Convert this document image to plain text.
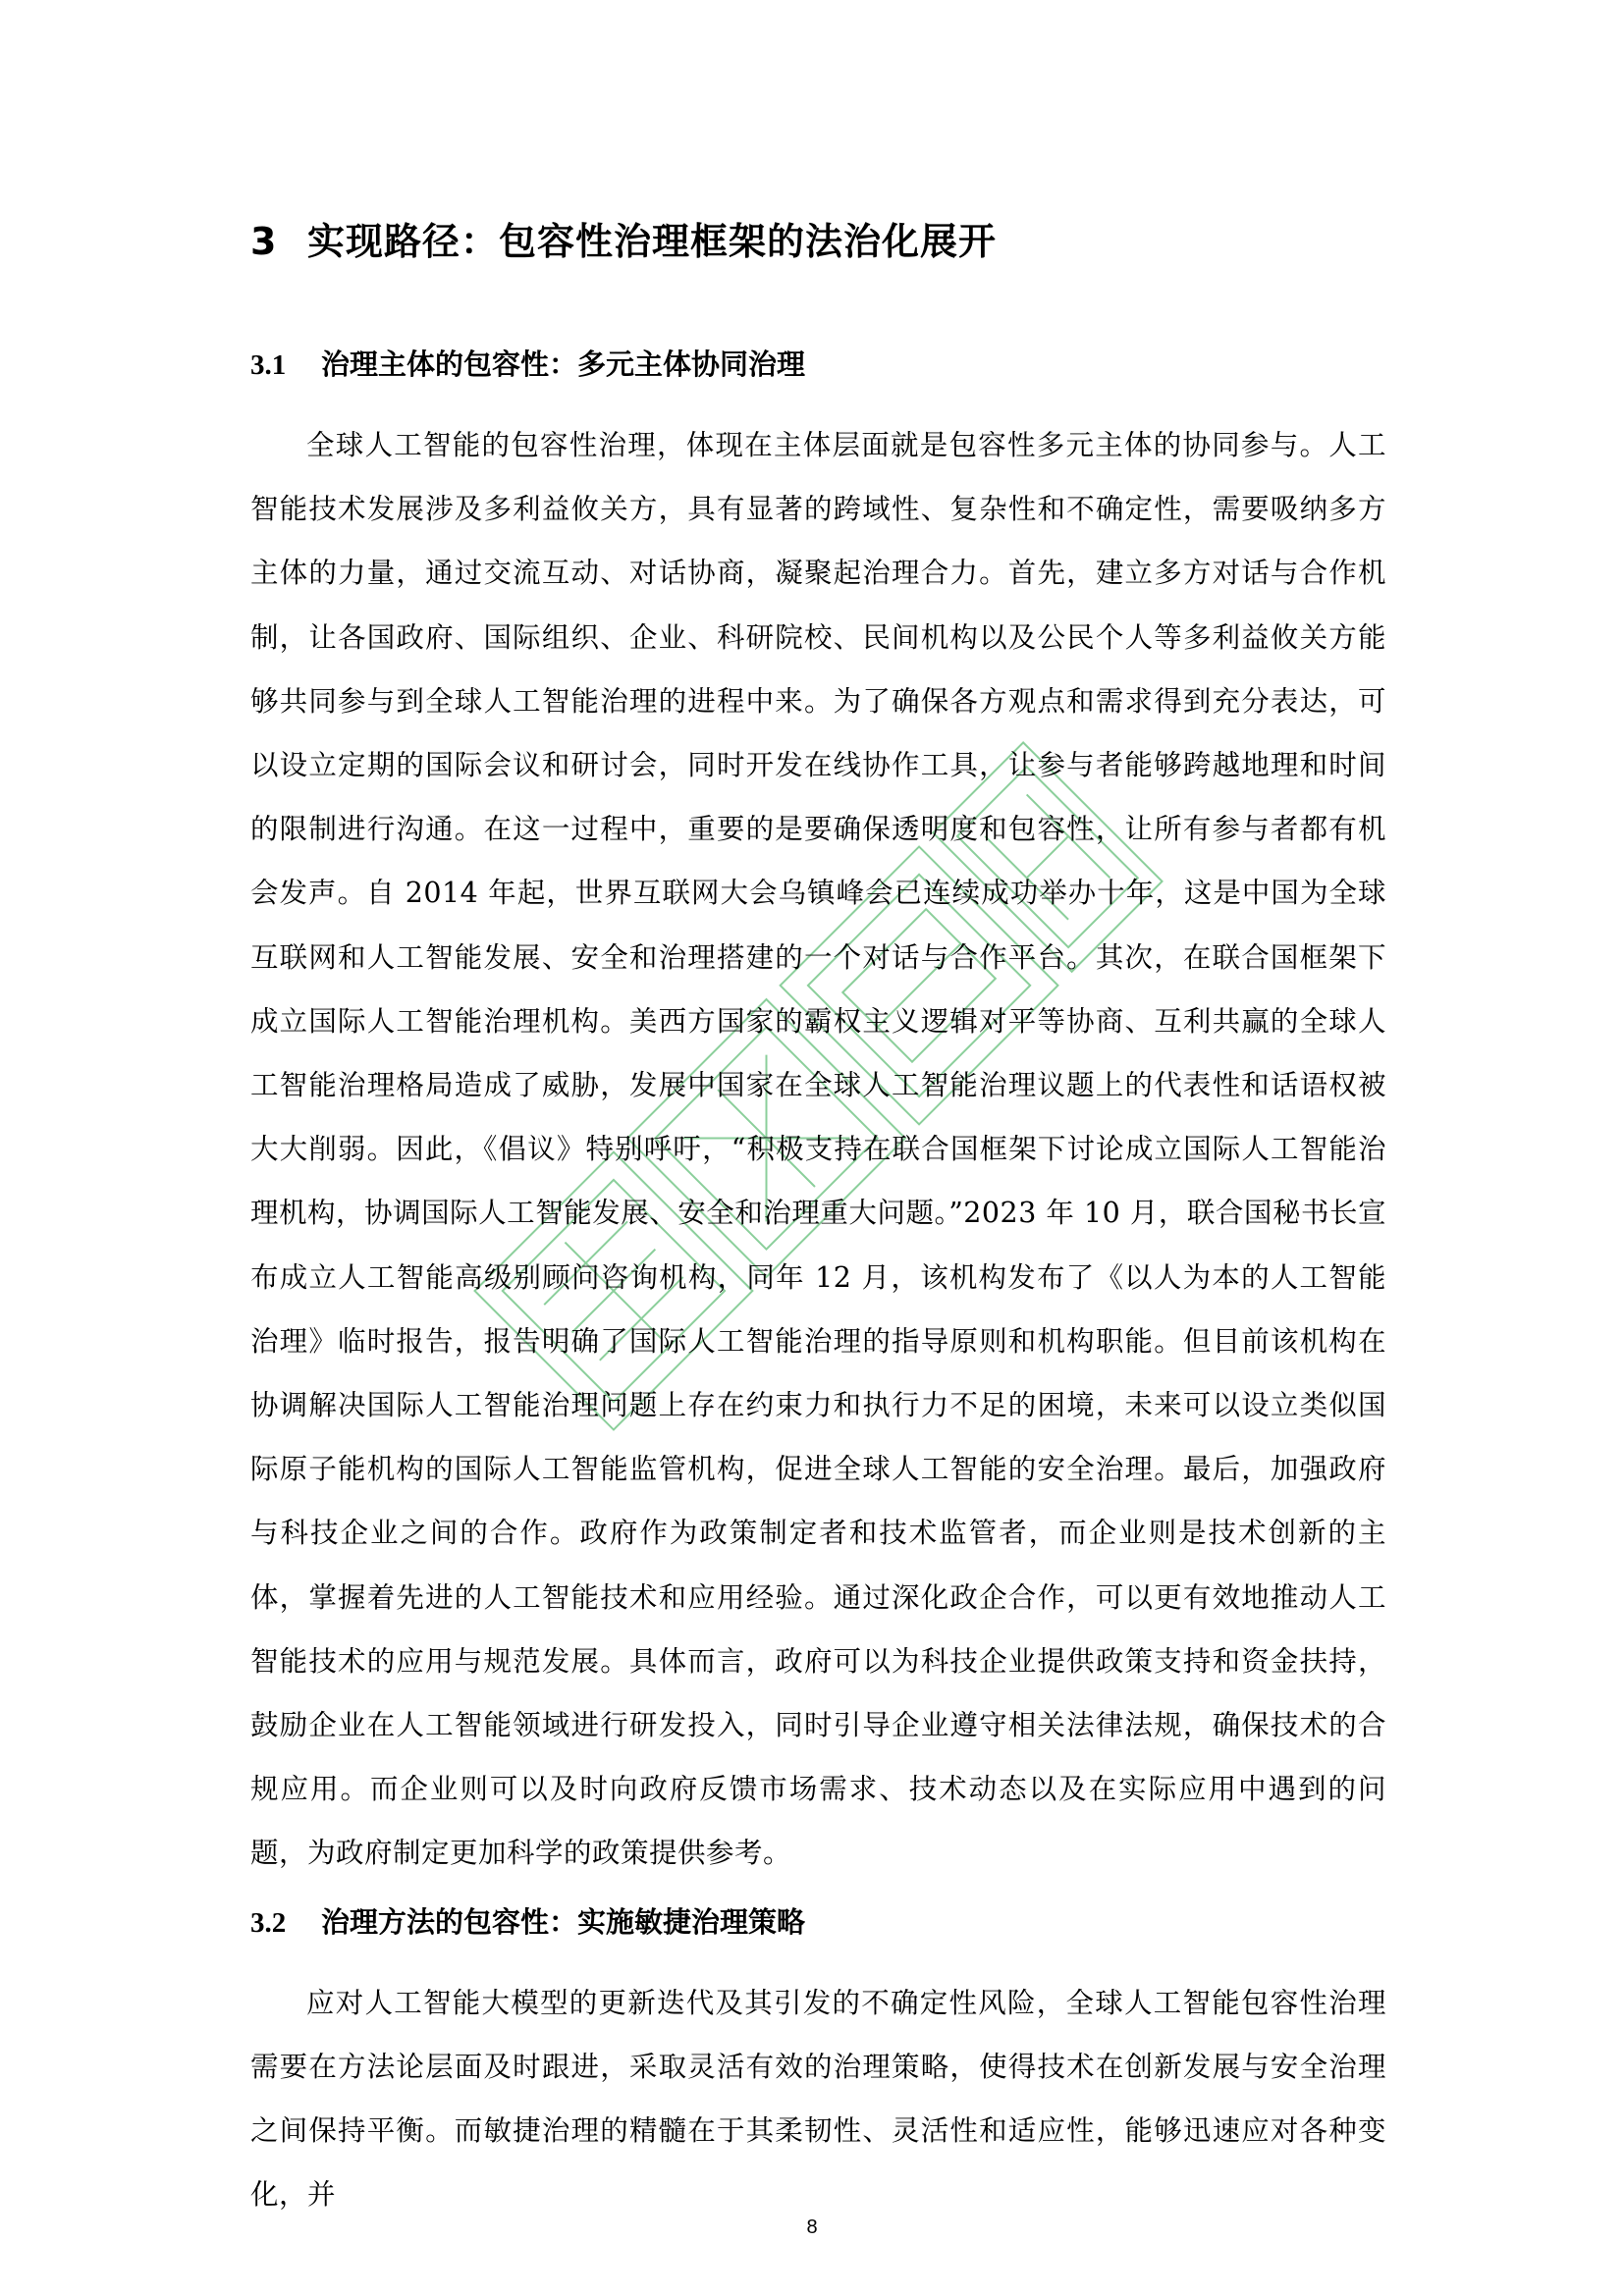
3 实现路径：包容性治理框架的法治化展开
3.1 治理主体的包容性：多元主体协同治理

全球人工智能的包容性治理，体现在主体层面就是包容性多元主体的协同参与。人工智能技术发展涉及多利益攸关方，具有显著的跨域性、复杂性和不确定性，需要吸纳多方主体的力量，通过交流互动、对话协商，凝聚起治理合力。首先，建立多方对话与合作机制，让各国政府、国际组织、企业、科研院校、民间机构以及公民个人等多利益攸关方能够共同参与到全球人工智能治理的进程中来。为了确保各方观点和需求得到充分表达，可以设立定期的国际会议和研讨会，同时开发在线协作工具，让参与者能够跨越地理和时间的限制进行沟通。在这一过程中，重要的是要确保透明度和包容性，让所有参与者都有机会发声。自 2014 年起，世界互联网大会乌镇峰会已连续成功举办十年，这是中国为全球互联网和人工智能发展、安全和治理搭建的一个对话与合作平台。其次，在联合国框架下成立国际人工智能治理机构。美西方国家的霸权主义逻辑对平等协商、互利共赢的全球人工智能治理格局造成了威胁，发展中国家在全球人工智能治理议题上的代表性和话语权被大大削弱。因此，《倡议》特别呼吁，“积极支持在联合国框架下讨论成立国际人工智能治理机构，协调国际人工智能发展、安全和治理重大问题。”2023 年 10 月，联合国秘书长宣布成立人工智能高级别顾问咨询机构，同年 12 月，该机构发布了《以人为本的人工智能治理》临时报告，报告明确了国际人工智能治理的指导原则和机构职能。但目前该机构在协调解决国际人工智能治理问题上存在约束力和执行力不足的困境，未来可以设立类似国际原子能机构的国际人工智能监管机构，促进全球人工智能的安全治理。最后，加强政府与科技企业之间的合作。政府作为政策制定者和技术监管者，而企业则是技术创新的主体，掌握着先进的人工智能技术和应用经验。通过深化政企合作，可以更有效地推动人工智能技术的应用与规范发展。具体而言，政府可以为科技企业提供政策支持和资金扶持，鼓励企业在人工智能领域进行研发投入，同时引导企业遵守相关法律法规，确保技术的合规应用。而企业则可以及时向政府反馈市场需求、技术动态以及在实际应用中遇到的问题，为政府制定更加科学的政策提供参考。

3.2 治理方法的包容性：实施敏捷治理策略

应对人工智能大模型的更新迭代及其引发的不确定性风险，全球人工智能包容性治理需要在方法论层面及时跟进，采取灵活有效的治理策略，使得技术在创新发展与安全治理之间保持平衡。而敏捷治理的精髓在于其柔韧性、灵活性和适应性，能够迅速应对各种变化，并

8
